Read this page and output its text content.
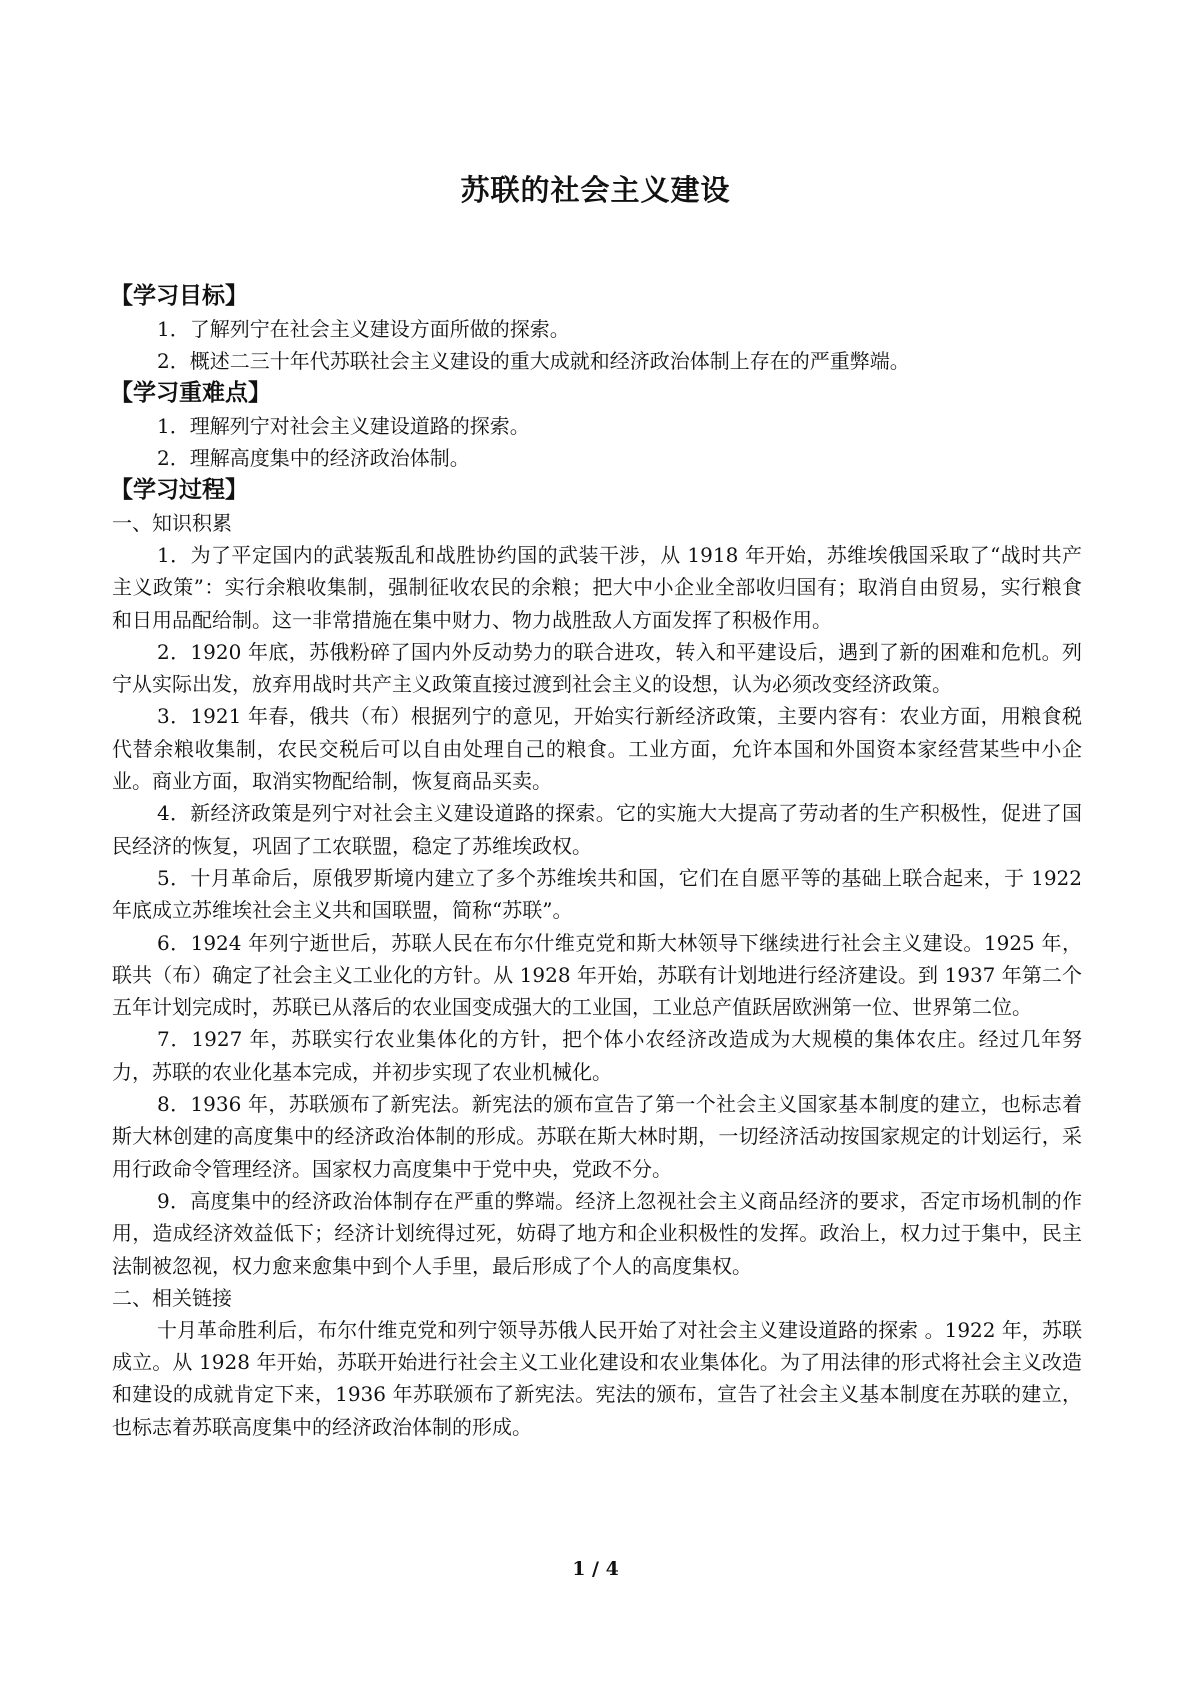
苏联的社会主义建设
【学习目标】
1．了解列宁在社会主义建设方面所做的探索。
2．概述二三十年代苏联社会主义建设的重大成就和经济政治体制上存在的严重弊端。
【学习重难点】
1．理解列宁对社会主义建设道路的探索。
2．理解高度集中的经济政治体制。
【学习过程】
一、知识积累

1．为了平定国内的武装叛乱和战胜协约国的武装干涉，从 1918 年开始，苏维埃俄国采取了“战时共产主义政策”：实行余粮收集制，强制征收农民的余粮；把大中小企业全部收归国有；取消自由贸易，实行粮食和日用品配给制。这一非常措施在集中财力、物力战胜敌人方面发挥了积极作用。

2．1920 年底，苏俄粉碎了国内外反动势力的联合进攻，转入和平建设后，遇到了新的困难和危机。列宁从实际出发，放弃用战时共产主义政策直接过渡到社会主义的设想，认为必须改变经济政策。

3．1921 年春，俄共（布）根据列宁的意见，开始实行新经济政策，主要内容有：农业方面，用粮食税代替余粮收集制，农民交税后可以自由处理自己的粮食。工业方面，允许本国和外国资本家经营某些中小企业。商业方面，取消实物配给制，恢复商品买卖。

4．新经济政策是列宁对社会主义建设道路的探索。它的实施大大提高了劳动者的生产积极性，促进了国民经济的恢复，巩固了工农联盟，稳定了苏维埃政权。

5．十月革命后，原俄罗斯境内建立了多个苏维埃共和国，它们在自愿平等的基础上联合起来，于 1922 年底成立苏维埃社会主义共和国联盟，简称“苏联”。

6．1924 年列宁逝世后，苏联人民在布尔什维克党和斯大林领导下继续进行社会主义建设。1925 年，联共（布）确定了社会主义工业化的方针。从 1928 年开始，苏联有计划地进行经济建设。到 1937 年第二个五年计划完成时，苏联已从落后的农业国变成强大的工业国，工业总产值跃居欧洲第一位、世界第二位。

7．1927 年，苏联实行农业集体化的方针，把个体小农经济改造成为大规模的集体农庄。经过几年努力，苏联的农业化基本完成，并初步实现了农业机械化。

8．1936 年，苏联颁布了新宪法。新宪法的颁布宣告了第一个社会主义国家基本制度的建立，也标志着斯大林创建的高度集中的经济政治体制的形成。苏联在斯大林时期，一切经济活动按国家规定的计划运行，采用行政命令管理经济。国家权力高度集中于党中央，党政不分。

9．高度集中的经济政治体制存在严重的弊端。经济上忽视社会主义商品经济的要求，否定市场机制的作用，造成经济效益低下；经济计划统得过死，妨碍了地方和企业积极性的发挥。政治上，权力过于集中，民主法制被忽视，权力愈来愈集中到个人手里，最后形成了个人的高度集权。

二、相关链接

十月革命胜利后，布尔什维克党和列宁领导苏俄人民开始了对社会主义建设道路的探索 。1922 年，苏联成立。从 1928 年开始，苏联开始进行社会主义工业化建设和农业集体化。为了用法律的形式将社会主义改造和建设的成就肯定下来，1936 年苏联颁布了新宪法。宪法的颁布，宣告了社会主义基本制度在苏联的建立，也标志着苏联高度集中的经济政治体制的形成。

1 / 4
